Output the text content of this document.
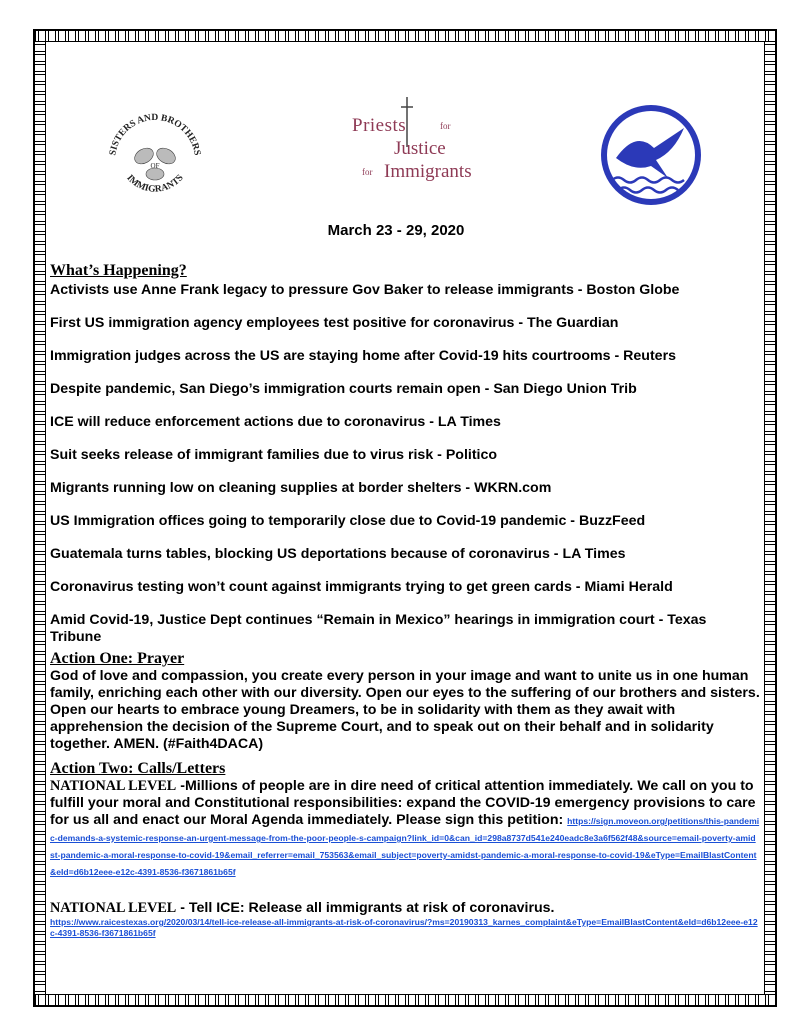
SISTERS AND BROTHERS
IMMIGRANTS
OF
Priests	for
Justice
for Immigrants
March 23 - 29, 2020
What’s Happening?
Activists use Anne Frank legacy to pressure Gov Baker to release immigrants - Boston Globe
First US immigration agency employees test positive for coronavirus - The Guardian
Immigration judges across the US are staying home after Covid-19 hits courtrooms - Reuters
Despite pandemic, San Diego’s immigration courts remain open - San Diego Union Trib
ICE will reduce enforcement actions due to coronavirus - LA Times
Suit seeks release of immigrant families due to virus risk - Politico
Migrants running low on cleaning supplies at border shelters - WKRN.com
US Immigration offices going to temporarily close due to Covid-19 pandemic - BuzzFeed
Guatemala turns tables, blocking US deportations because of coronavirus - LA Times
Coronavirus testing won’t count against immigrants trying to get green cards - Miami Herald
Amid Covid-19, Justice Dept continues “Remain in Mexico” hearings in immigration court - Texas Tribune
Action One: Prayer

God of love and compassion, you create every person in your image and want to unite us in one human family, enriching each other with our diversity. Open our eyes to the suffering of our brothers and sisters. Open our hearts to embrace young Dreamers, to be in solidarity with them as they await with apprehension the decision of the Supreme Court, and to speak out on their behalf and in solidarity together. AMEN. (#Faith4DACA)

Action Two: Calls/Letters

NATIONAL LEVEL -Millions of people are in dire need of critical attention immediately. We call on you to fulfill your moral and Constitutional responsibilities: expand the COVID-19 emergency provisions to care for us all and enact our Moral Agenda immediately. Please sign this petition: https://sign.moveon.org/petitions/this-pandemic-demands-a-systemic-response-an-urgent-message-from-the-poor-people-s-campaign?link_id=0&can_id=298a8737d541e240eadc8e3a6f562f48&source=email-poverty-amidst-pandemic-a-moral-response-to-covid-19&email_referrer=email_753563&email_subject=poverty-amidst-pandemic-a-moral-response-to-covid-19&eType=EmailBlastContent&eId=d6b12eee-e12c-4391-8536-f3671861b65f

NATIONAL LEVEL - Tell ICE: Release all immigrants at risk of coronavirus.

https://www.raicestexas.org/2020/03/14/tell-ice-release-all-immigrants-at-risk-of-coronavirus/?ms=20190313_karnes_complaint&eType=EmailBlastContent&eId=d6b12eee-e12c-4391-8536-f3671861b65f
